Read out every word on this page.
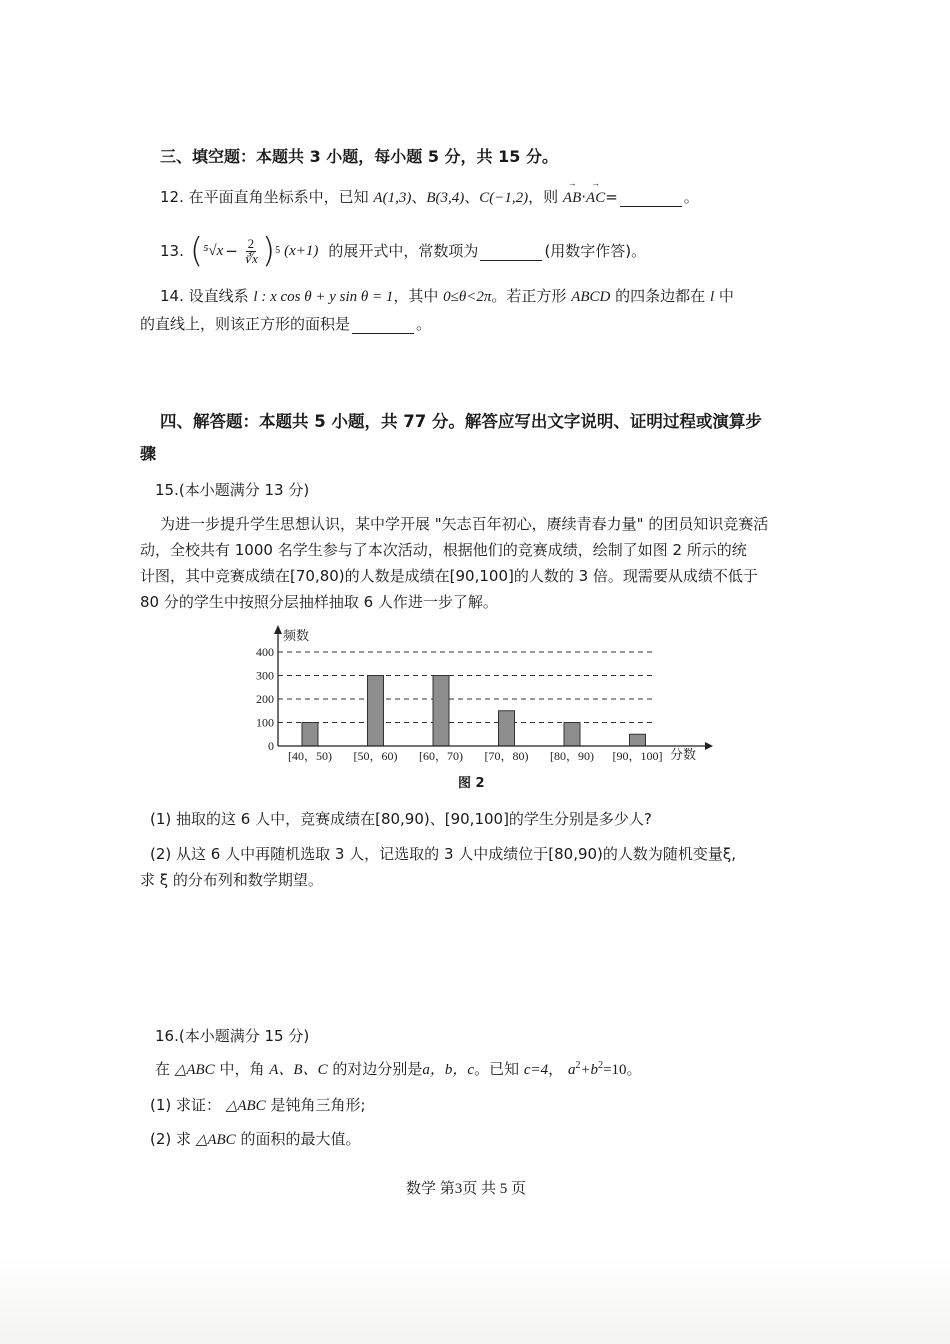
三、填空题：本题共 3 小题，每小题 5 分，共 15 分。
12. 在平面直角坐标系中，已知 A(1,3)、B(3,4)、C(−1,2)，则 → AB·→ AC=	。
13. ( $^5√x - \frac{2}{∛x}$ ) 5 (x+1) 的展开式中，常数项为
	(用数字作答)。
14. 设直线系 l : x cos θ + y sin θ = 1，其中 0≤θ<2π。若正方形 ABCD 的四条边都在 l 中
的直线上，则该正方形的面积是	。
四、解答题：本题共 5 小题，共 77 分。解答应写出文字说明、证明过程或演算步
骤
15.(本小题满分 13 分)
为进一步提升学生思想认识，某中学开展 "矢志百年初心，赓续青春力量" 的团员知识竞赛活
动，全校共有 1000 名学生参与了本次活动，根据他们的竞赛成绩，绘制了如图 2 所示的统
计图，其中竞赛成绩在[70,80)的人数是成绩在[90,100]的人数的 3 倍。现需要从成绩不低于
80 分的学生中按照分层抽样抽取 6 人作进一步了解。
0
100
200
300
400
[40，50) [50，60) [60，70) [70，80) [80，90) [90，100]
频数
分数
图 2
(1) 抽取的这 6 人中，竞赛成绩在[80,90)、[90,100]的学生分别是多少人?
(2) 从这 6 人中再随机选取 3 人，记选取的 3 人中成绩位于[80,90)的人数为随机变量ξ,
求 ξ 的分布列和数学期望。
16.(本小题满分 15 分)
在 △ABC 中，角 A、B、C 的对边分别是a，b，c。已知 c=4， $a^2+b^2=10$。
(1) 求证： △ABC 是钝角三角形;
(2) 求 △ABC 的面积的最大值。
数学 第3页 共 5 页
